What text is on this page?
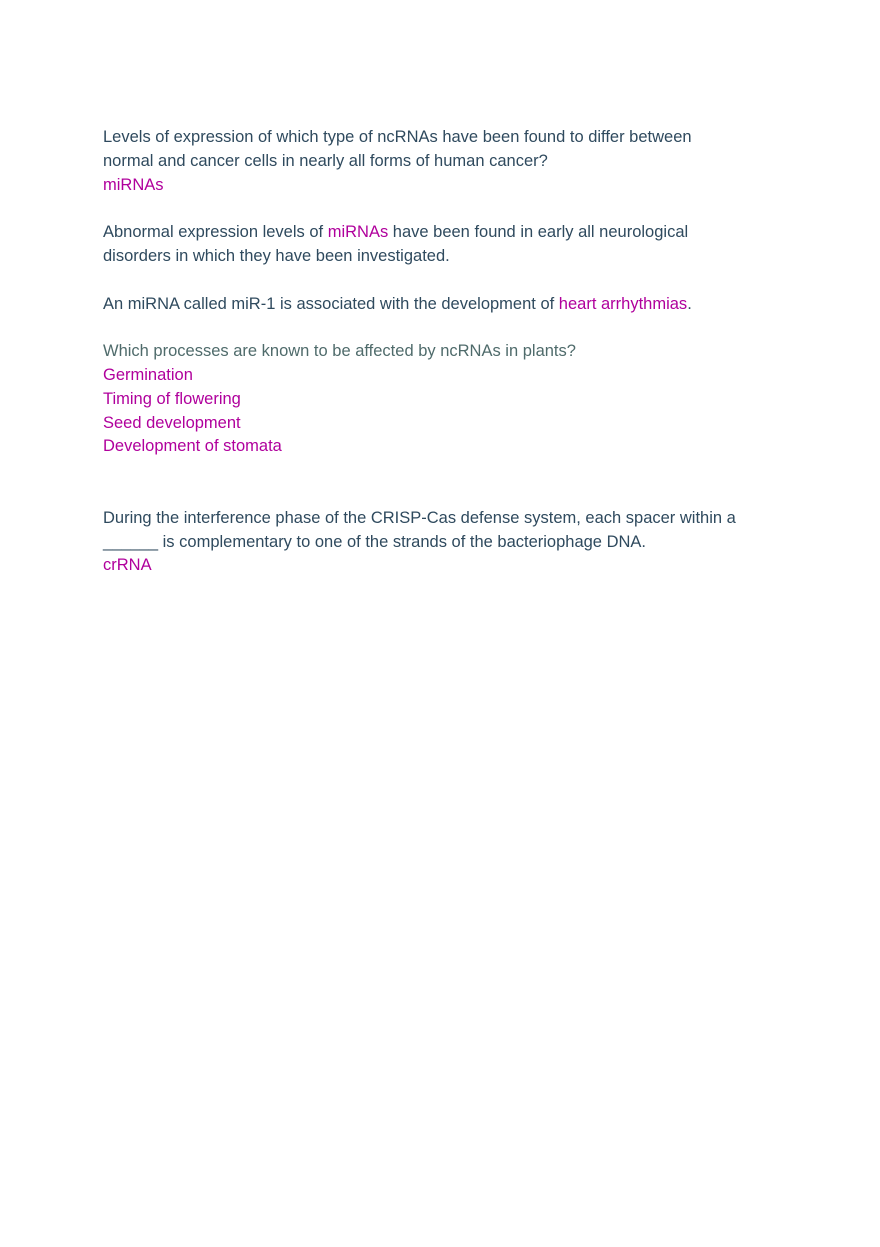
Levels of expression of which type of ncRNAs have been found to differ between
normal and cancer cells in nearly all forms of human cancer?
miRNAs
Abnormal expression levels of miRNAs have been found in early all neurological
disorders in which they have been investigated.
An miRNA called miR-1 is associated with the development of heart arrhythmias.
Which processes are known to be affected by ncRNAs in plants?
Germination
Timing of flowering
Seed development
Development of stomata
During the interference phase of the CRISP-Cas defense system, each spacer within a
______ is complementary to one of the strands of the bacteriophage DNA.
crRNA
